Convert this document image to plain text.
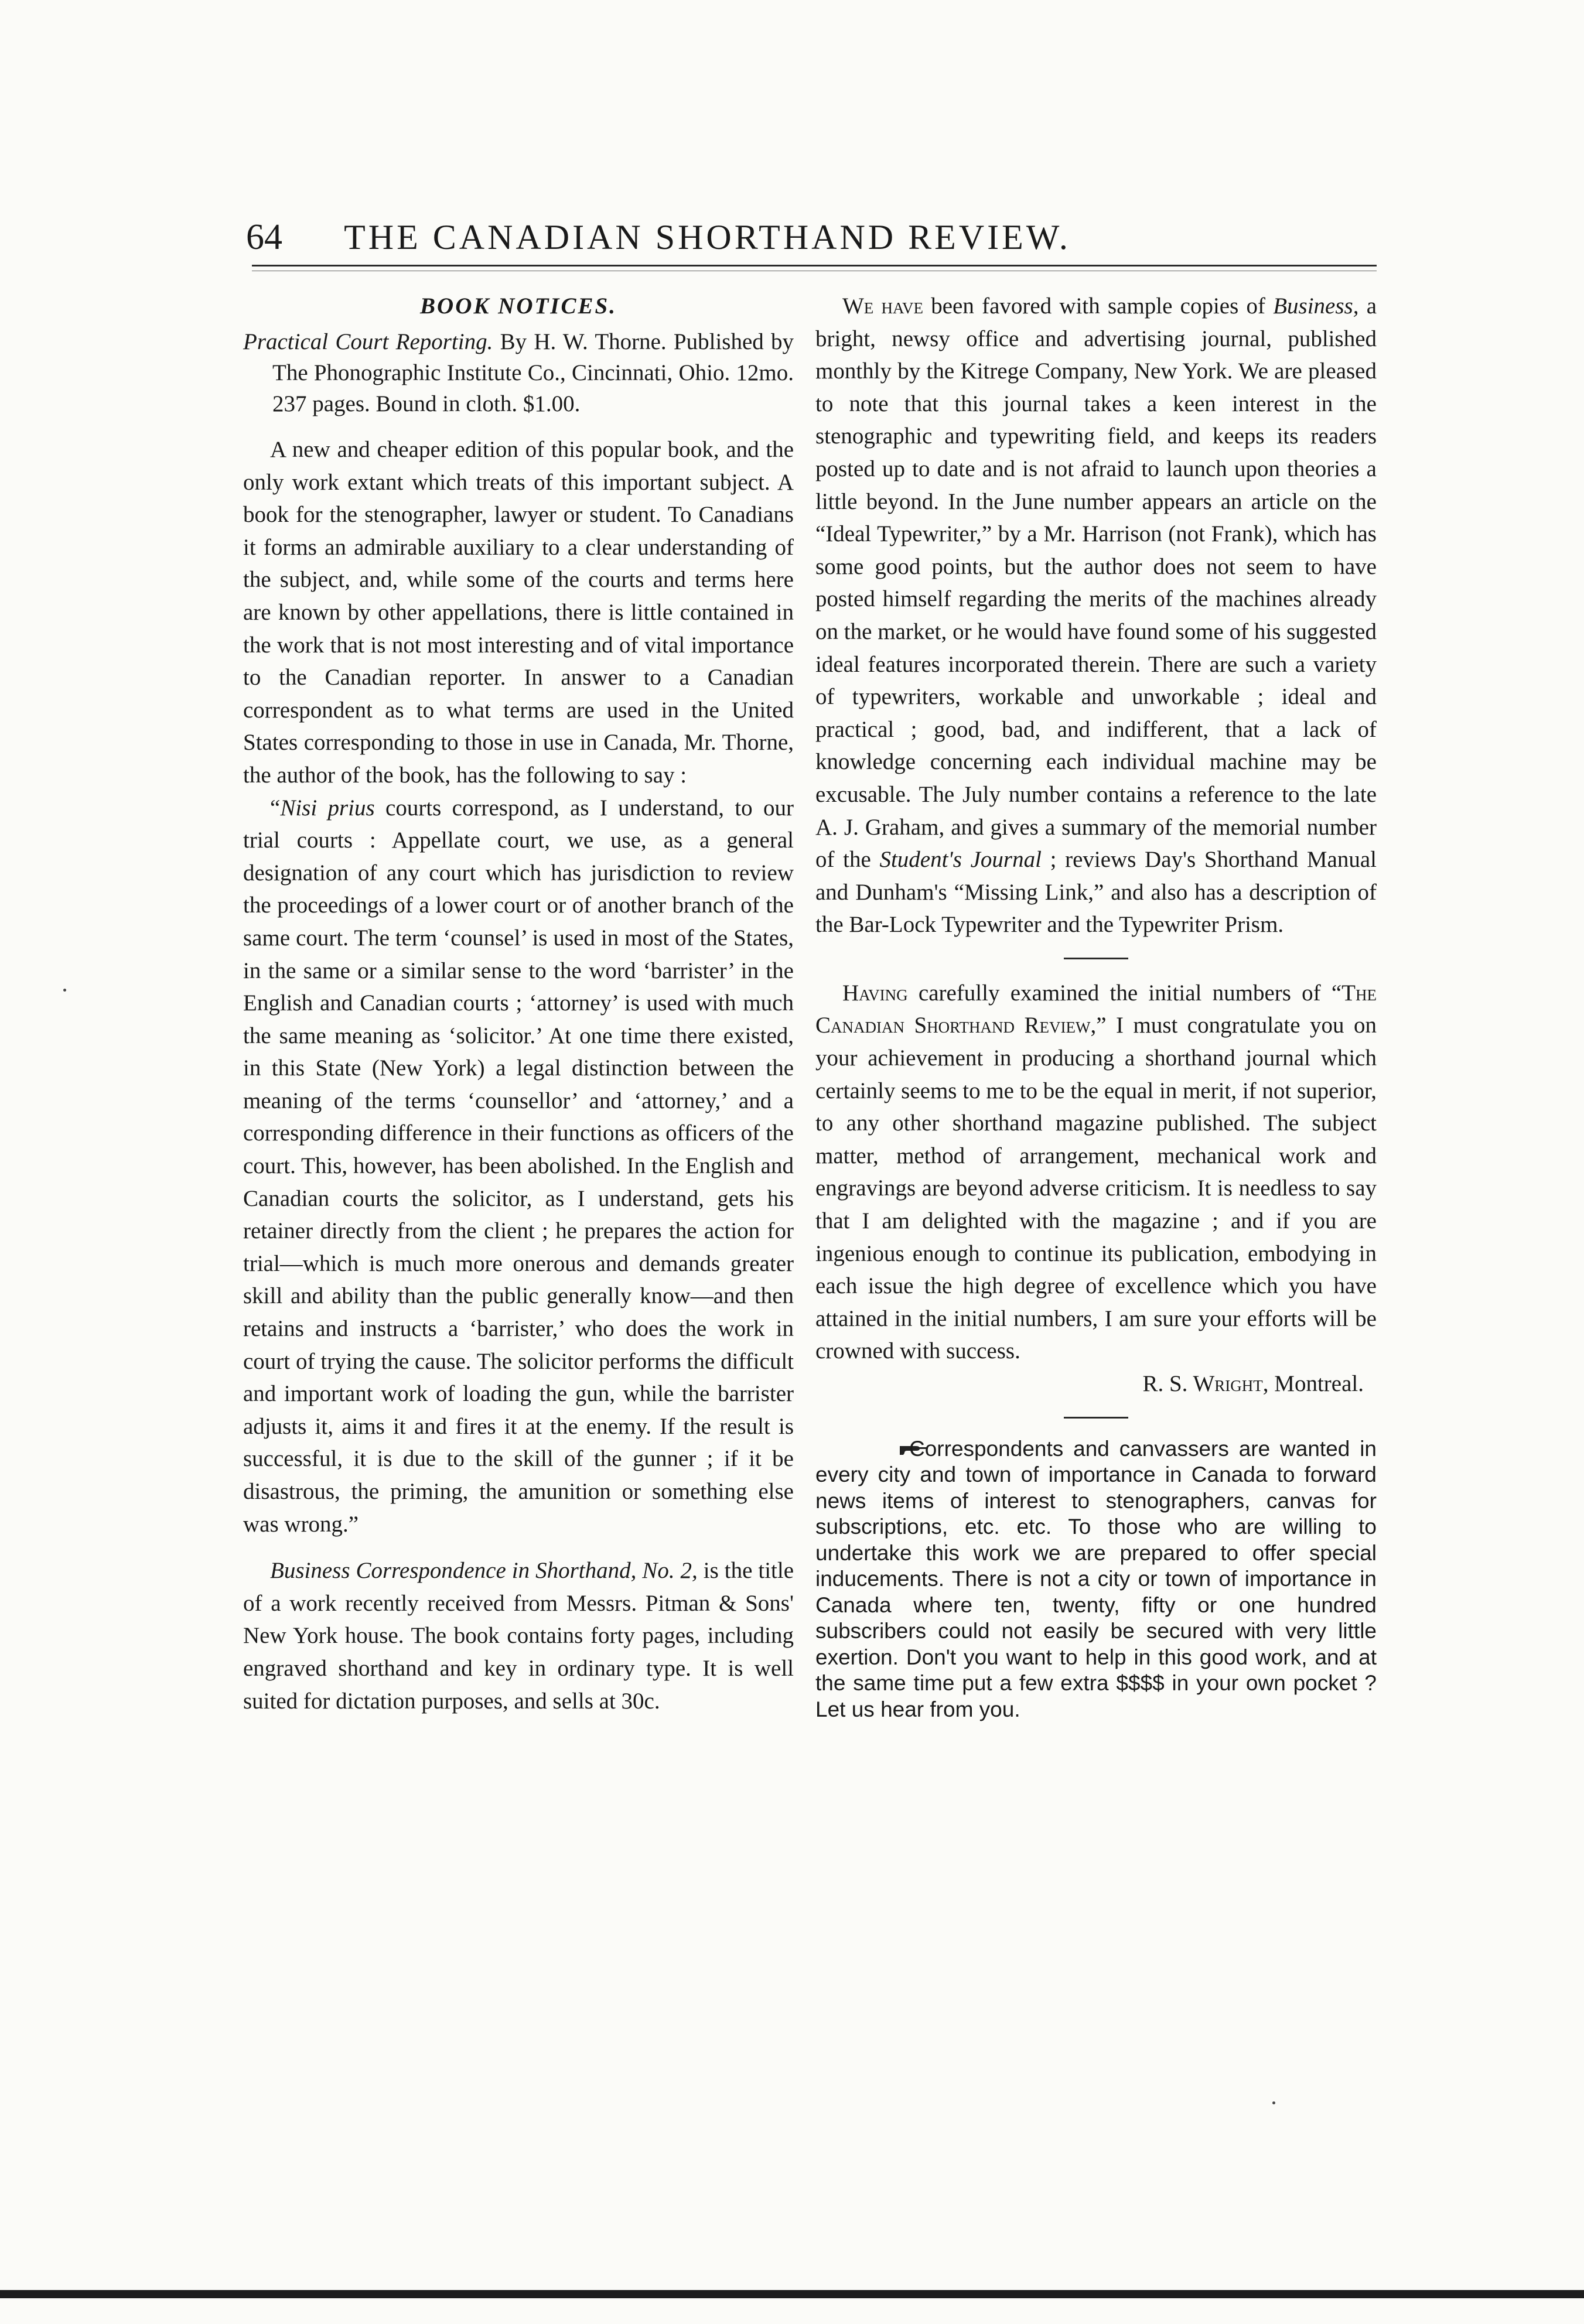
64	THE CANADIAN SHORTHAND REVIEW.
BOOK NOTICES.
Practical Court Reporting. By H. W. Thorne. Published by The Phonographic Institute Co., Cincinnati, Ohio. 12mo. 237 pages. Bound in cloth. $1.00.

A new and cheaper edition of this popular book, and the only work extant which treats of this important subject. A book for the stenographer, lawyer or student. To Canadians it forms an admirable auxiliary to a clear understanding of the subject, and, while some of the courts and terms here are known by other appellations, there is little contained in the work that is not most interesting and of vital importance to the Canadian reporter. In answer to a Canadian correspondent as to what terms are used in the United States corresponding to those in use in Canada, Mr. Thorne, the author of the book, has the following to say :

“Nisi prius courts correspond, as I understand, to our trial courts : Appellate court, we use, as a general designation of any court which has jurisdiction to review the proceedings of a lower court or of another branch of the same court. The term ‘counsel’ is used in most of the States, in the same or a similar sense to the word ‘barrister’ in the English and Canadian courts ; ‘attorney’ is used with much the same meaning as ‘solicitor.’ At one time there existed, in this State (New York) a legal distinction between the meaning of the terms ‘counsellor’ and ‘attorney,’ and a corresponding difference in their functions as officers of the court. This, however, has been abolished. In the English and Canadian courts the solicitor, as I understand, gets his retainer directly from the client ; he prepares the action for trial—which is much more onerous and demands greater skill and ability than the public generally know—and then retains and instructs a ‘barrister,’ who does the work in court of trying the cause. The solicitor performs the difficult and important work of loading the gun, while the barrister adjusts it, aims it and fires it at the enemy. If the result is successful, it is due to the skill of the gunner ; if it be disastrous, the priming, the amunition or something else was wrong.”

Business Correspondence in Shorthand, No. 2, is the title of a work recently received from Messrs. Pitman & Sons' New York house. The book contains forty pages, including engraved shorthand and key in ordinary type. It is well suited for dictation purposes, and sells at 30c.

We have been favored with sample copies of Business, a bright, newsy office and advertising journal, published monthly by the Kitrege Company, New York. We are pleased to note that this journal takes a keen interest in the stenographic and typewriting field, and keeps its readers posted up to date and is not afraid to launch upon theories a little beyond. In the June number appears an article on the “Ideal Typewriter,” by a Mr. Harrison (not Frank), which has some good points, but the author does not seem to have posted himself regarding the merits of the machines already on the market, or he would have found some of his suggested ideal features incorporated therein. There are such a variety of typewriters, workable and unworkable ; ideal and practical ; good, bad, and indifferent, that a lack of knowledge concerning each individual machine may be excusable. The July number contains a reference to the late A. J. Graham, and gives a summary of the memorial number of the Student's Journal ; reviews Day's Shorthand Manual and Dunham's “Missing Link,” and also has a description of the Bar-Lock Typewriter and the Typewriter Prism.

Having carefully examined the initial numbers of “The Canadian Shorthand Review,” I must congratulate you on your achievement in producing a shorthand journal which certainly seems to me to be the equal in merit, if not superior, to any other shorthand magazine published. The subject matter, method of arrangement, mechanical work and engravings are beyond adverse criticism. It is needless to say that I am delighted with the magazine ; and if you are ingenious enough to continue its publication, embodying in each issue the high degree of excellence which you have attained in the initial numbers, I am sure your efforts will be crowned with success.

R. S. Wright, Montreal.

Correspondents and canvassers are wanted in every city and town of importance in Canada to forward news items of interest to stenographers, canvas for subscriptions, etc. etc. To those who are willing to undertake this work we are prepared to offer special inducements. There is not a city or town of importance in Canada where ten, twenty, fifty or one hundred subscribers could not easily be secured with very little exertion. Don't you want to help in this good work, and at the same time put a few extra $$$$ in your own pocket ? Let us hear from you.
